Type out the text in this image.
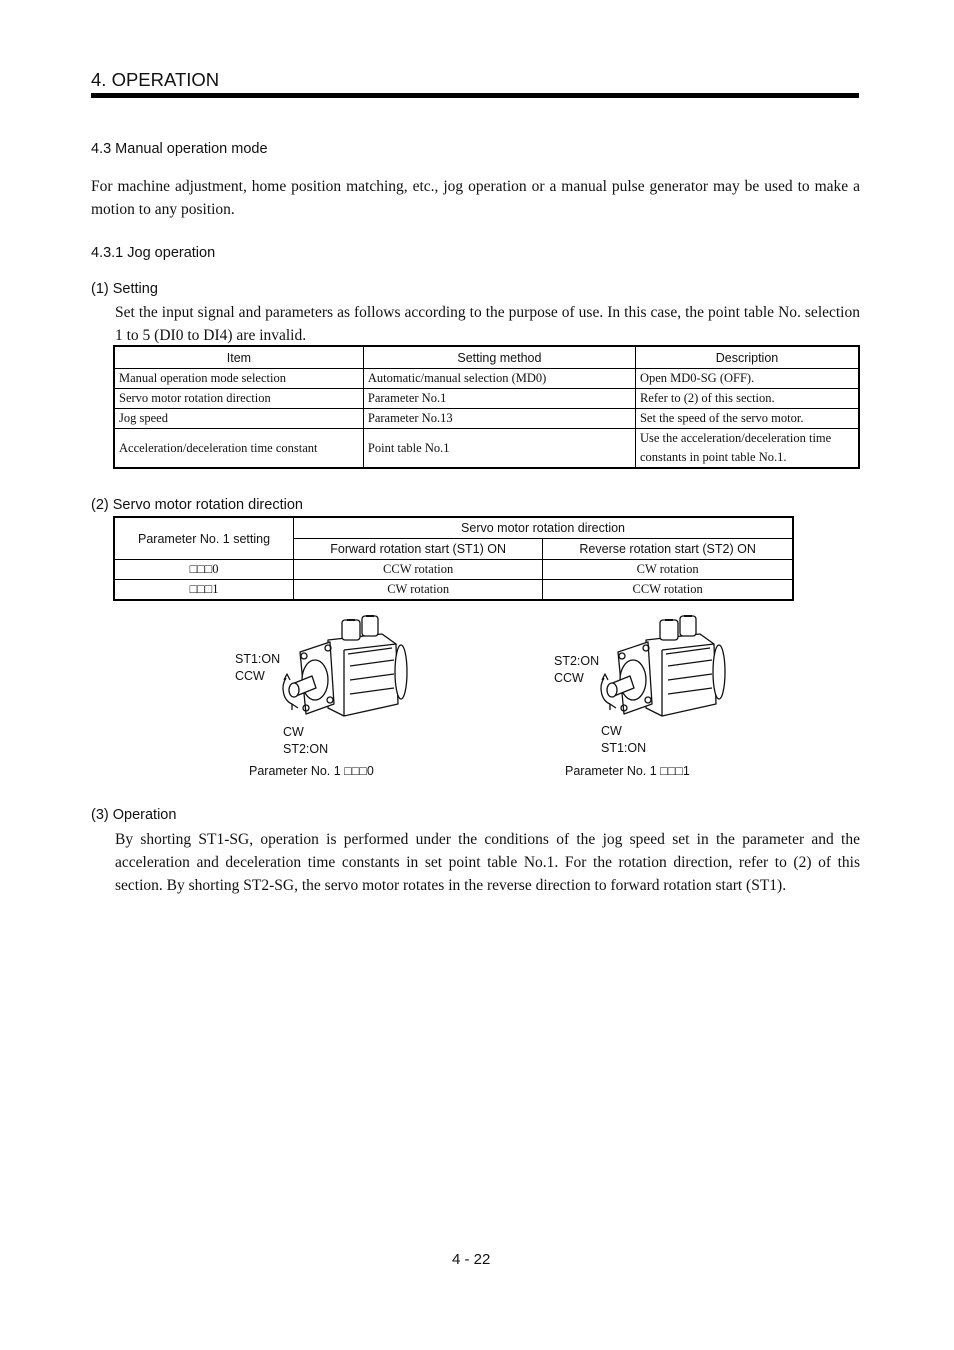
4. OPERATION
4.3 Manual operation mode
For machine adjustment, home position matching, etc., jog operation or a manual pulse generator may be used to make a motion to any position.
4.3.1 Jog operation
(1) Setting
Set the input signal and parameters as follows according to the purpose of use. In this case, the point table No. selection 1 to 5 (DI0 to DI4) are invalid.
Item	Setting method	Description
Manual operation mode selection	Automatic/manual selection (MD0)	Open MD0-SG (OFF).
Servo motor rotation direction	Parameter No.1	Refer to (2) of this section.
Jog speed	Parameter No.13	Set the speed of the servo motor.
Acceleration/deceleration time constant	Point table No.1	Use the acceleration/deceleration time constants in point table No.1.
(2) Servo motor rotation direction
Parameter No. 1 setting	Servo motor rotation direction	
	Forward rotation start (ST1) ON	Reverse rotation start (ST2) ON
□□□0	CCW rotation	CW rotation
□□□1	CW rotation	CCW rotation
ST1:ON
CCW
CW
ST2:ON
Parameter No. 1 □□□0
ST2:ON
CCW
CW
ST1:ON
Parameter No. 1 □□□1
(3) Operation
By shorting ST1-SG, operation is performed under the conditions of the jog speed set in the parameter and the acceleration and deceleration time constants in set point table No.1. For the rotation direction, refer to (2) of this section. By shorting ST2-SG, the servo motor rotates in the reverse direction to forward rotation start (ST1).
4 - 22
